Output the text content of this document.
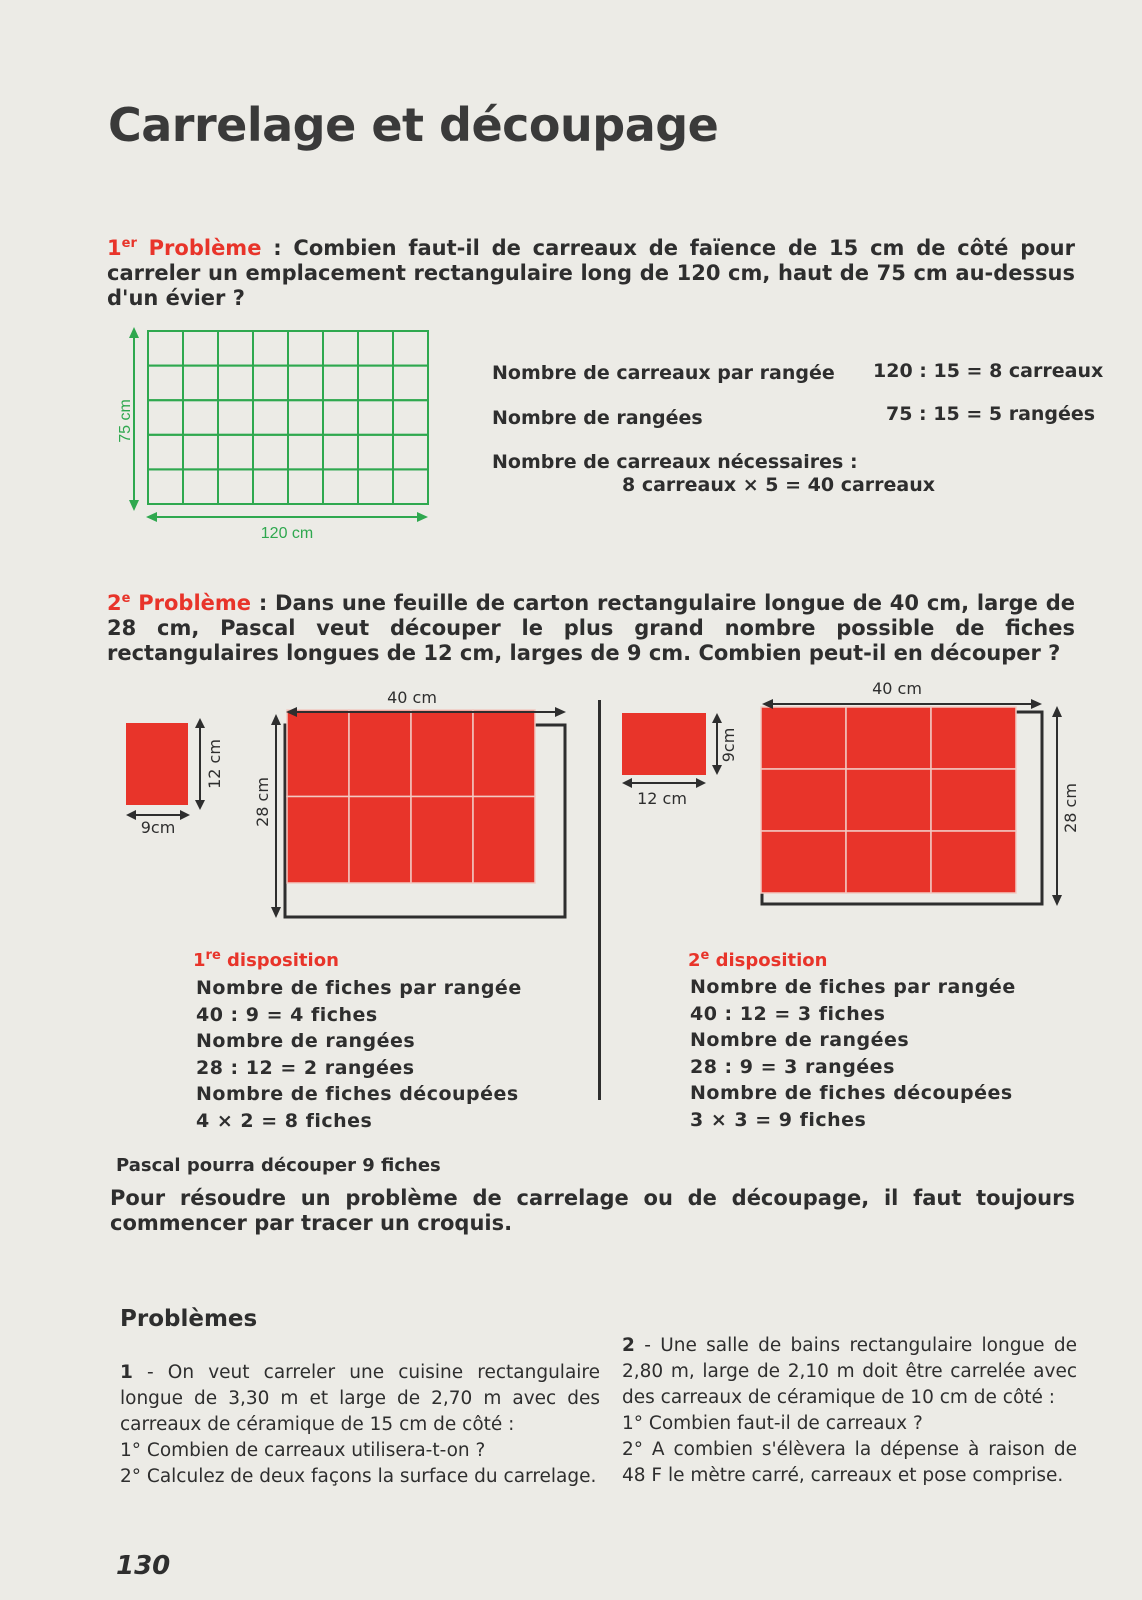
Carrelage et découpage
1er Problème : Combien faut-il de carreaux de faïence de 15 cm de côté pour carreler un emplacement rectangulaire long de 120 cm, haut de 75 cm au-dessus d'un évier ?
120 cm
75 cm
Nombre de carreaux par rangée 120 : 15 = 8 carreaux
Nombre de rangées	75 : 15 = 5 rangées
Nombre de carreaux nécessaires :
8 carreaux × 5 = 40 carreaux
2e Problème : Dans une feuille de carton rectangulaire longue de 40 cm, large de 28 cm, Pascal veut découper le plus grand nombre possible de fiches rectangulaires longues de 12 cm, larges de 9 cm. Combien peut-il en découper ?
12 cm
9cm
40 cm
28 cm
9cm
12 cm
40 cm
28 cm
1re disposition
Nombre de fiches par rangée
40 : 9 = 4 fiches
Nombre de rangées
28 : 12 = 2 rangées
Nombre de fiches découpées
4 × 2 = 8 fiches
2e disposition
Nombre de fiches par rangée
40 : 12 = 3 fiches
Nombre de rangées
28 : 9 = 3 rangées
Nombre de fiches découpées
3 × 3 = 9 fiches
Pascal pourra découper 9 fiches
Pour résoudre un problème de carrelage ou de découpage, il faut toujours commencer par tracer un croquis.
Problèmes
1 - On veut carreler une cuisine rectangulaire longue de 3,30 m et large de 2,70 m avec des carreaux de céramique de 15 cm de côté :
1° Combien de carreaux utilisera-t-on ?
2° Calculez de deux façons la surface du carrelage.
2 - Une salle de bains rectangulaire longue de 2,80 m, large de 2,10 m doit être carrelée avec des carreaux de céramique de 10 cm de côté :
1° Combien faut-il de carreaux ?
2° A combien s'élèvera la dépense à raison de 48 F le mètre carré, carreaux et pose comprise.
130
